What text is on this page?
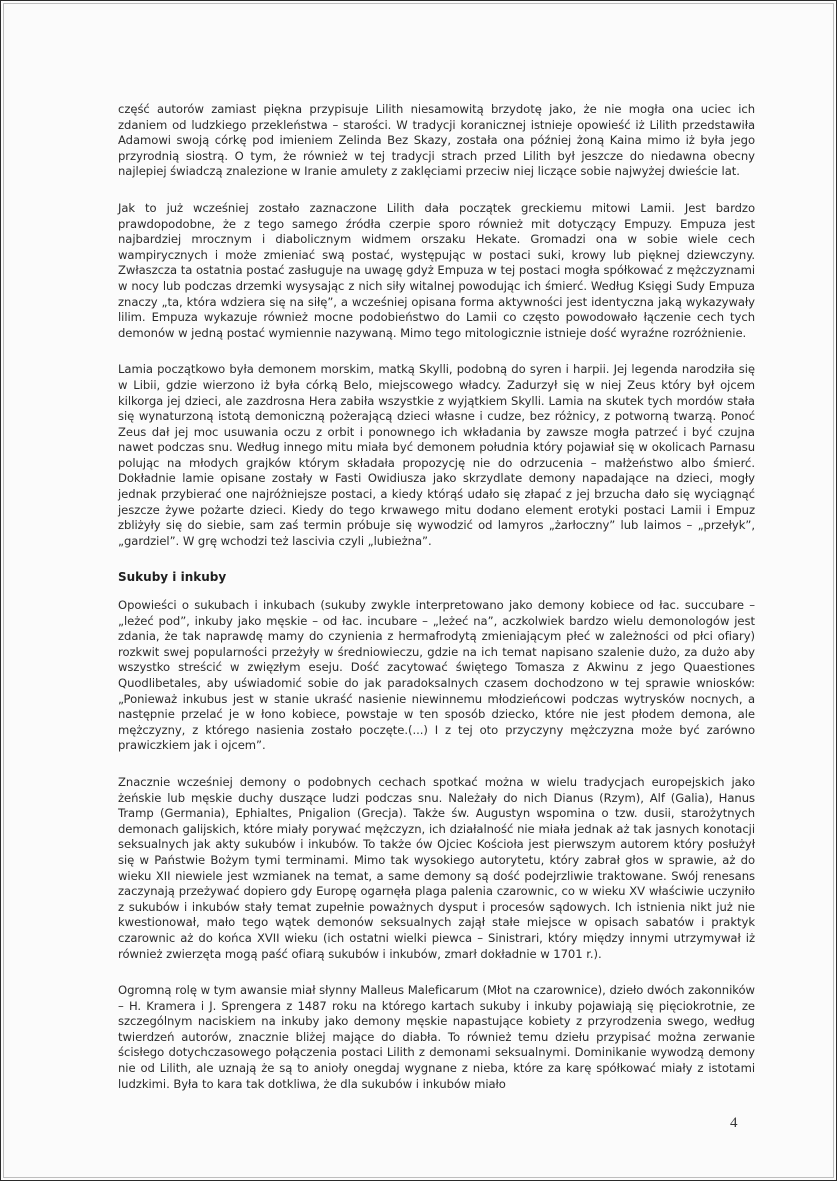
część autorów zamiast piękna przypisuje Lilith niesamowitą brzydotę jako, że nie mogła ona uciec ich zdaniem od ludzkiego przekleństwa – starości. W tradycji koranicznej istnieje opowieść iż Lilith przedstawiła Adamowi swoją córkę pod imieniem Zelinda Bez Skazy, została ona później żoną Kaina mimo iż była jego przyrodnią siostrą. O tym, że również w tej tradycji strach przed Lilith był jeszcze do niedawna obecny najlepiej świadczą znalezione w Iranie amulety z zaklęciami przeciw niej liczące sobie najwyżej dwieście lat.

Jak to już wcześniej zostało zaznaczone Lilith dała początek greckiemu mitowi Lamii. Jest bardzo prawdopodobne, że z tego samego źródła czerpie sporo również mit dotyczący Empuzy. Empuza jest najbardziej mrocznym i diabolicznym widmem orszaku Hekate. Gromadzi ona w sobie wiele cech wampirycznych i może zmieniać swą postać, występując w postaci suki, krowy lub pięknej dziewczyny. Zwłaszcza ta ostatnia postać zasługuje na uwagę gdyż Empuza w tej postaci mogła spółkować z mężczyznami w nocy lub podczas drzemki wysysając z nich siły witalnej powodując ich śmierć. Według Księgi Sudy Empuza znaczy „ta, która wdziera się na siłę”, a wcześniej opisana forma aktywności jest identyczna jaką wykazywały lilim. Empuza wykazuje również mocne podobieństwo do Lamii co często powodowało łączenie cech tych demonów w jedną postać wymiennie nazywaną. Mimo tego mitologicznie istnieje dość wyraźne rozróżnienie.

Lamia początkowo była demonem morskim, matką Skylli, podobną do syren i harpii. Jej legenda narodziła się w Libii, gdzie wierzono iż była córką Belo, miejscowego władcy. Zadurzył się w niej Zeus który był ojcem kilkorga jej dzieci, ale zazdrosna Hera zabiła wszystkie z wyjątkiem Skylli. Lamia na skutek tych mordów stała się wynaturzoną istotą demoniczną pożerającą dzieci własne i cudze, bez różnicy, z potworną twarzą. Ponoć Zeus dał jej moc usuwania oczu z orbit i ponownego ich wkładania by zawsze mogła patrzeć i być czujna nawet podczas snu. Według innego mitu miała być demonem południa który pojawiał się w okolicach Parnasu polując na młodych grajków którym składała propozycję nie do odrzucenia – małżeństwo albo śmierć. Dokładnie lamie opisane zostały w Fasti Owidiusza jako skrzydlate demony napadające na dzieci, mogły jednak przybierać one najróżniejsze postaci, a kiedy którąś udało się złapać z jej brzucha dało się wyciągnąć jeszcze żywe pożarte dzieci. Kiedy do tego krwawego mitu dodano element erotyki postaci Lamii i Empuz zbliżyły się do siebie, sam zaś termin próbuje się wywodzić od lamyros „żarłoczny” lub laimos – „przełyk”, „gardziel”. W grę wchodzi też lascivia czyli „lubieżna”.

Sukuby i inkuby

Opowieści o sukubach i inkubach (sukuby zwykle interpretowano jako demony kobiece od łac. succubare – „leżeć pod”, inkuby jako męskie – od łac. incubare – „leżeć na”, aczkolwiek bardzo wielu demonologów jest zdania, że tak naprawdę mamy do czynienia z hermafrodytą zmieniającym płeć w zależności od płci ofiary) rozkwit swej popularności przeżyły w średniowieczu, gdzie na ich temat napisano szalenie dużo, za dużo aby wszystko streścić w zwięzłym eseju. Dość zacytować świętego Tomasza z Akwinu z jego Quaestiones Quodlibetales, aby uświadomić sobie do jak paradoksalnych czasem dochodzono w tej sprawie wniosków: „Ponieważ inkubus jest w stanie ukraść nasienie niewinnemu młodzieńcowi podczas wytrysków nocnych, a następnie przelać je w łono kobiece, powstaje w ten sposób dziecko, które nie jest płodem demona, ale mężczyzny, z którego nasienia zostało poczęte.(...) I z tej oto przyczyny mężczyzna może być zarówno prawiczkiem jak i ojcem”.

Znacznie wcześniej demony o podobnych cechach spotkać można w wielu tradycjach europejskich jako żeńskie lub męskie duchy duszące ludzi podczas snu. Należały do nich Dianus (Rzym), Alf (Galia), Hanus Tramp (Germania), Ephialtes, Pnigalion (Grecja). Także św. Augustyn wspomina o tzw. dusii, starożytnych demonach galijskich, które miały porywać mężczyzn, ich działalność nie miała jednak aż tak jasnych konotacji seksualnych jak akty sukubów i inkubów. To także ów Ojciec Kościoła jest pierwszym autorem który posłużył się w Państwie Bożym tymi terminami. Mimo tak wysokiego autorytetu, który zabrał głos w sprawie, aż do wieku XII niewiele jest wzmianek na temat, a same demony są dość podejrzliwie traktowane. Swój renesans zaczynają przeżywać dopiero gdy Europę ogarnęła plaga palenia czarownic, co w wieku XV właściwie uczyniło z sukubów i inkubów stały temat zupełnie poważnych dysput i procesów sądowych. Ich istnienia nikt już nie kwestionował, mało tego wątek demonów seksualnych zajął stałe miejsce w opisach sabatów i praktyk czarownic aż do końca XVII wieku (ich ostatni wielki piewca – Sinistrari, który między innymi utrzymywał iż również zwierzęta mogą paść ofiarą sukubów i inkubów, zmarł dokładnie w 1701 r.).

Ogromną rolę w tym awansie miał słynny Malleus Maleficarum (Młot na czarownice), dzieło dwóch zakonników – H. Kramera i J. Sprengera z 1487 roku na którego kartach sukuby i inkuby pojawiają się pięciokrotnie, ze szczególnym naciskiem na inkuby jako demony męskie napastujące kobiety z przyrodzenia swego, według twierdzeń autorów, znacznie bliżej mające do diabła. To również temu dziełu przypisać można zerwanie ścisłego dotychczasowego połączenia postaci Lilith z demonami seksualnymi. Dominikanie wywodzą demony nie od Lilith, ale uznają że są to anioły onegdaj wygnane z nieba, które za karę spółkować miały z istotami ludzkimi. Była to kara tak dotkliwa, że dla sukubów i inkubów miało

4
